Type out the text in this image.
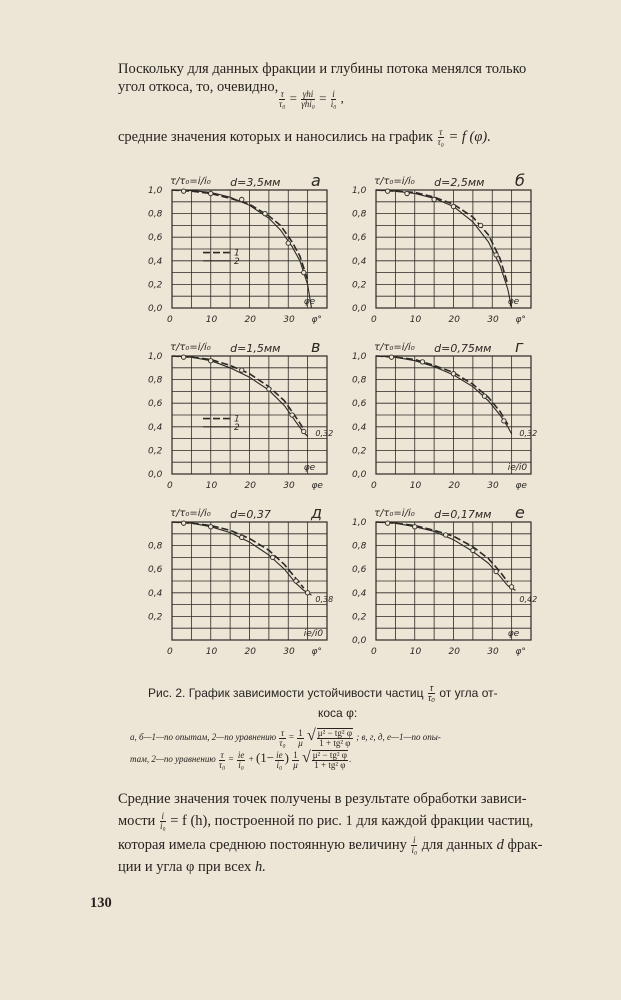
Поскольку для данных фракции и глубины потока менялся только
угол откоса, то, очевидно,
$\frac{\tau}{\text{τ₀}} = \frac{\text{γhi}}{\text{γhi₀}} = \frac{i}{\text{i₀}}$ ,
средние значения которых и наносились на график $\frac{\tau}{\text{τ₀}} = f$ (φ).
0,0
0,2
0,4
0,6
0,8
1,0
0	10	20	30 φ°
τ/τ₀=i/i₀ d=3,5мм а
φе
1
2
0,0
0,2
0,4
0,6
0,8
1,0
0	10	20	30 φ°
τ/τ₀=i/i₀ d=2,5мм б
φе
0,0
0,2
0,4
0,6
0,8
1,0
0	10	20	30 φе
τ/τ₀=i/i₀ d=1,5мм в
φе
0,32
1
2
0,0
0,2
0,4
0,6
0,8
1,0
0	10	20	30 φе
τ/τ₀=i/i₀ d=0,75мм г
ie/i0
0,32
0,2
0,4
0,6
0,8
0	10	20	30 φ°
τ/τ₀=i/i₀ d=0,37	д
ie/i0
0,38
0,0
0,2
0,4
0,6
0,8
1,0
0	10	20	30 φ°
τ/τ₀=i/i₀ d=0,17мм е
φе
0,42
Рис. 2. График зависимости устойчивости частиц $\frac{\tau}{\text{τ₀}}$ от угла от-
коса φ:
а, б—1—по опытам, 2—по уравнению $\frac{\tau}{\text{τ₀}} = \frac{1}{\mu}$ √ $\frac{\text{μ² − tg² φ}}{\text{1 + tg² φ}}$ ; в, г, д, е—1—по опы-
там, 2—по уравнению $\frac{\tau}{\text{τ₀}} = \frac{iе}{\text{i₀}} + (1- \frac{iе}{\text{i₀}}$ ) $\frac{1}{\mu}$ √ $\frac{\text{μ² − tg² φ}}{\text{1 + tg² φ}}$ .
Средние значения точек получены в результате обработки зависи-
мости $\frac{i}{\text{i₀}} = f$ (h), построенной по рис. 1 для каждой фракции частиц,
которая имела среднюю постоянную величину $\frac{i}{\text{i₀}}$ для данных d фрак-
ции и угла φ при всех h.
130
